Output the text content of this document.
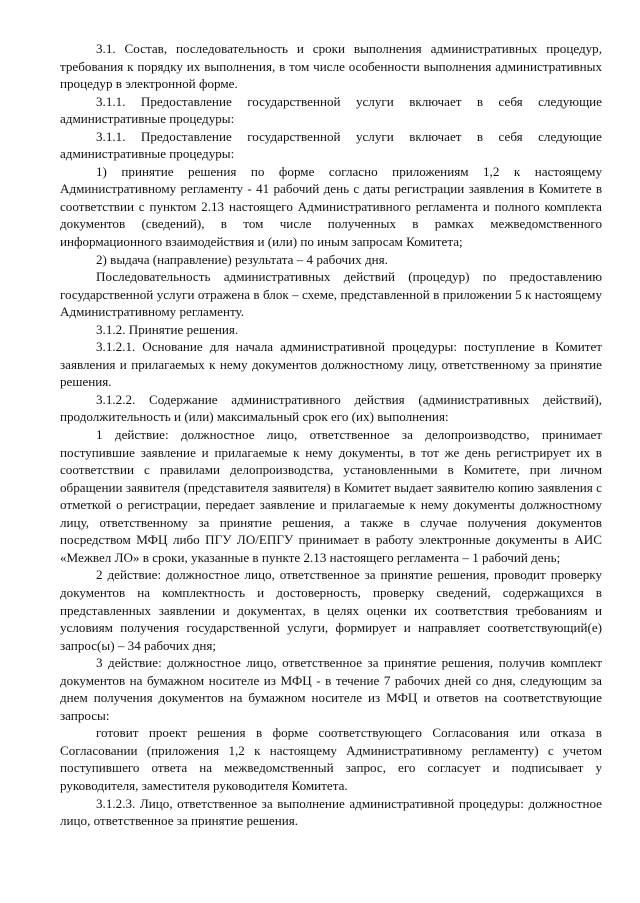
3.1. Состав, последовательность и сроки выполнения административных процедур, требования к порядку их выполнения, в том числе особенности выполнения административных процедур в электронной форме.

3.1.1. Предоставление государственной услуги включает в себя следующие административные процедуры:

3.1.1. Предоставление государственной услуги включает в себя следующие административные процедуры:

1) принятие решения по форме согласно приложениям 1,2 к настоящему Административному регламенту - 41 рабочий день с даты регистрации заявления в Комитете в соответствии с пунктом 2.13 настоящего Административного регламента и полного комплекта документов (сведений), в том числе полученных в рамках межведомственного информационного взаимодействия и (или) по иным запросам Комитета;

2) выдача (направление) результата – 4 рабочих дня.

Последовательность административных действий (процедур) по предоставлению государственной услуги отражена в блок – схеме, представленной в приложении 5 к настоящему Административному регламенту.

3.1.2. Принятие решения.

3.1.2.1. Основание для начала административной процедуры: поступление в Комитет заявления и прилагаемых к нему документов должностному лицу, ответственному за принятие решения.

3.1.2.2. Содержание административного действия (административных действий), продолжительность и (или) максимальный срок его (их) выполнения:

1 действие: должностное лицо, ответственное за делопроизводство, принимает поступившие заявление и прилагаемые к нему документы, в тот же день регистрирует их в соответствии с правилами делопроизводства, установленными в Комитете, при личном обращении заявителя (представителя заявителя) в Комитет выдает заявителю копию заявления с отметкой о регистрации, передает заявление и прилагаемые к нему документы должностному лицу, ответственному за принятие решения, а также в случае получения документов посредством МФЦ либо ПГУ ЛО/ЕПГУ принимает в работу электронные документы в АИС «Межвел ЛО» в сроки, указанные в пункте 2.13 настоящего регламента – 1 рабочий день;

2 действие: должностное лицо, ответственное за принятие решения, проводит проверку документов на комплектность и достоверность, проверку сведений, содержащихся в представленных заявлении и документах, в целях оценки их соответствия требованиям и условиям получения государственной услуги, формирует и направляет соответствующий(е) запрос(ы) – 34 рабочих дня;

3 действие: должностное лицо, ответственное за принятие решения, получив комплект документов на бумажном носителе из МФЦ - в течение 7 рабочих дней со дня, следующим за днем получения документов на бумажном носителе из МФЦ и ответов на соответствующие запросы:

готовит проект решения в форме соответствующего Согласования или отказа в Согласовании (приложения 1,2 к настоящему Административному регламенту) с учетом поступившего ответа на межведомственный запрос, его согласует и подписывает у руководителя, заместителя руководителя Комитета.

3.1.2.3. Лицо, ответственное за выполнение административной процедуры: должностное лицо, ответственное за принятие решения.
